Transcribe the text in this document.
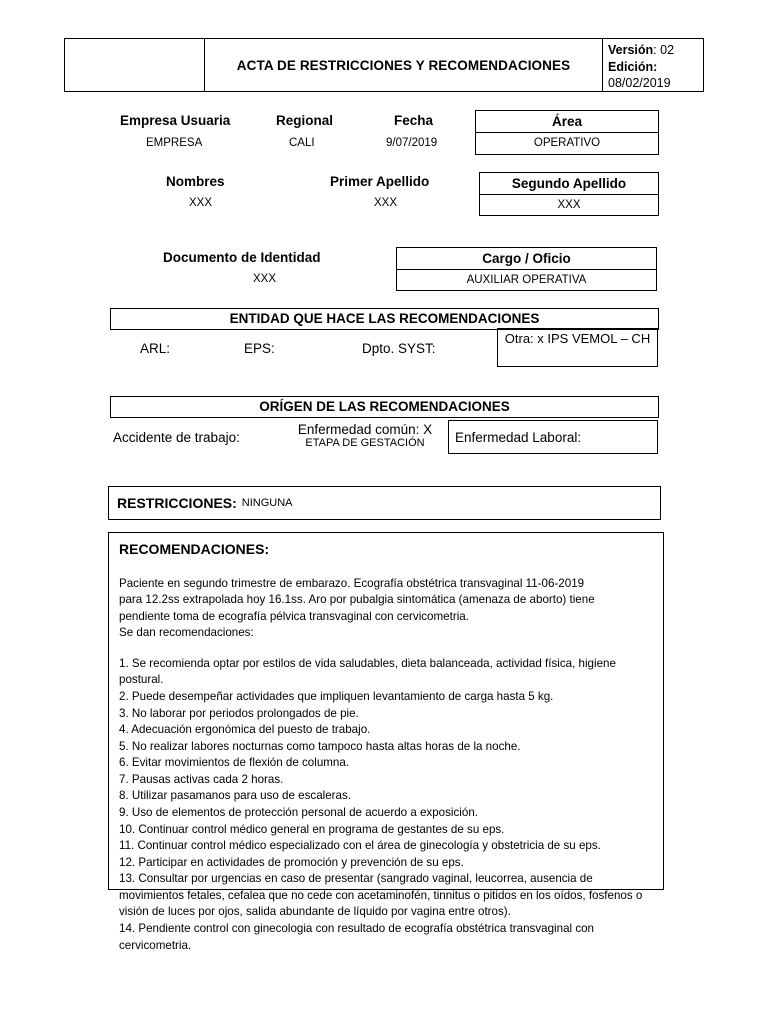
ACTA DE RESTRICCIONES Y RECOMENDACIONES
Versión: 02
Edición:
08/02/2019
Empresa Usuaria
EMPRESA
Regional
CALI
Fecha
9/07/2019
Área
OPERATIVO
Nombres
XXX
Primer Apellido
XXX
Segundo Apellido
XXX
Documento de Identidad
XXX
Cargo / Oficio
AUXILIAR OPERATIVA
ENTIDAD QUE HACE LAS RECOMENDACIONES
ARL:	EPS:	Dpto. SYST:
Otra: x IPS VEMOL – CH
ORÍGEN DE LAS RECOMENDACIONES
Accidente de trabajo:
Enfermedad común: X
ETAPA DE GESTACIÓN	Enfermedad Laboral:
RESTRICCIONES: NINGUNA
RECOMENDACIONES:
Paciente en segundo trimestre de embarazo. Ecografía obstétrica transvaginal 11-06-2019
para 12.2ss extrapolada hoy 16.1ss. Aro por pubalgia sintomática (amenaza de aborto) tiene
pendiente toma de ecografía pélvica transvaginal con cervicometria.
Se dan recomendaciones:
1. Se recomienda optar por estilos de vida saludables, dieta balanceada, actividad física, higiene postural.
2. Puede desempeñar actividades que impliquen levantamiento de carga hasta 5 kg.
3. No laborar por periodos prolongados de pie.
4. Adecuación ergonómica del puesto de trabajo.
5. No realizar labores nocturnas como tampoco hasta altas horas de la noche.
6. Evitar movimientos de flexión de columna.
7. Pausas activas cada 2 horas.
8. Utilizar pasamanos para uso de escaleras.
9. Uso de elementos de protección personal de acuerdo a exposición.
10. Continuar control médico general en programa de gestantes de su eps.
11. Continuar control médico especializado con el área de ginecología y obstetricia de su eps.
12. Participar en actividades de promoción y prevención de su eps.
13. Consultar por urgencias en caso de presentar (sangrado vaginal, leucorrea, ausencia de movimientos fetales, cefalea que no cede con acetaminofén, tinnitus o pitidos en los oídos, fosfenos o visión de luces por ojos, salida abundante de líquido por vagina entre otros).
14. Pendiente control con ginecologia con resultado de ecografía obstétrica transvaginal con cervicometria.
